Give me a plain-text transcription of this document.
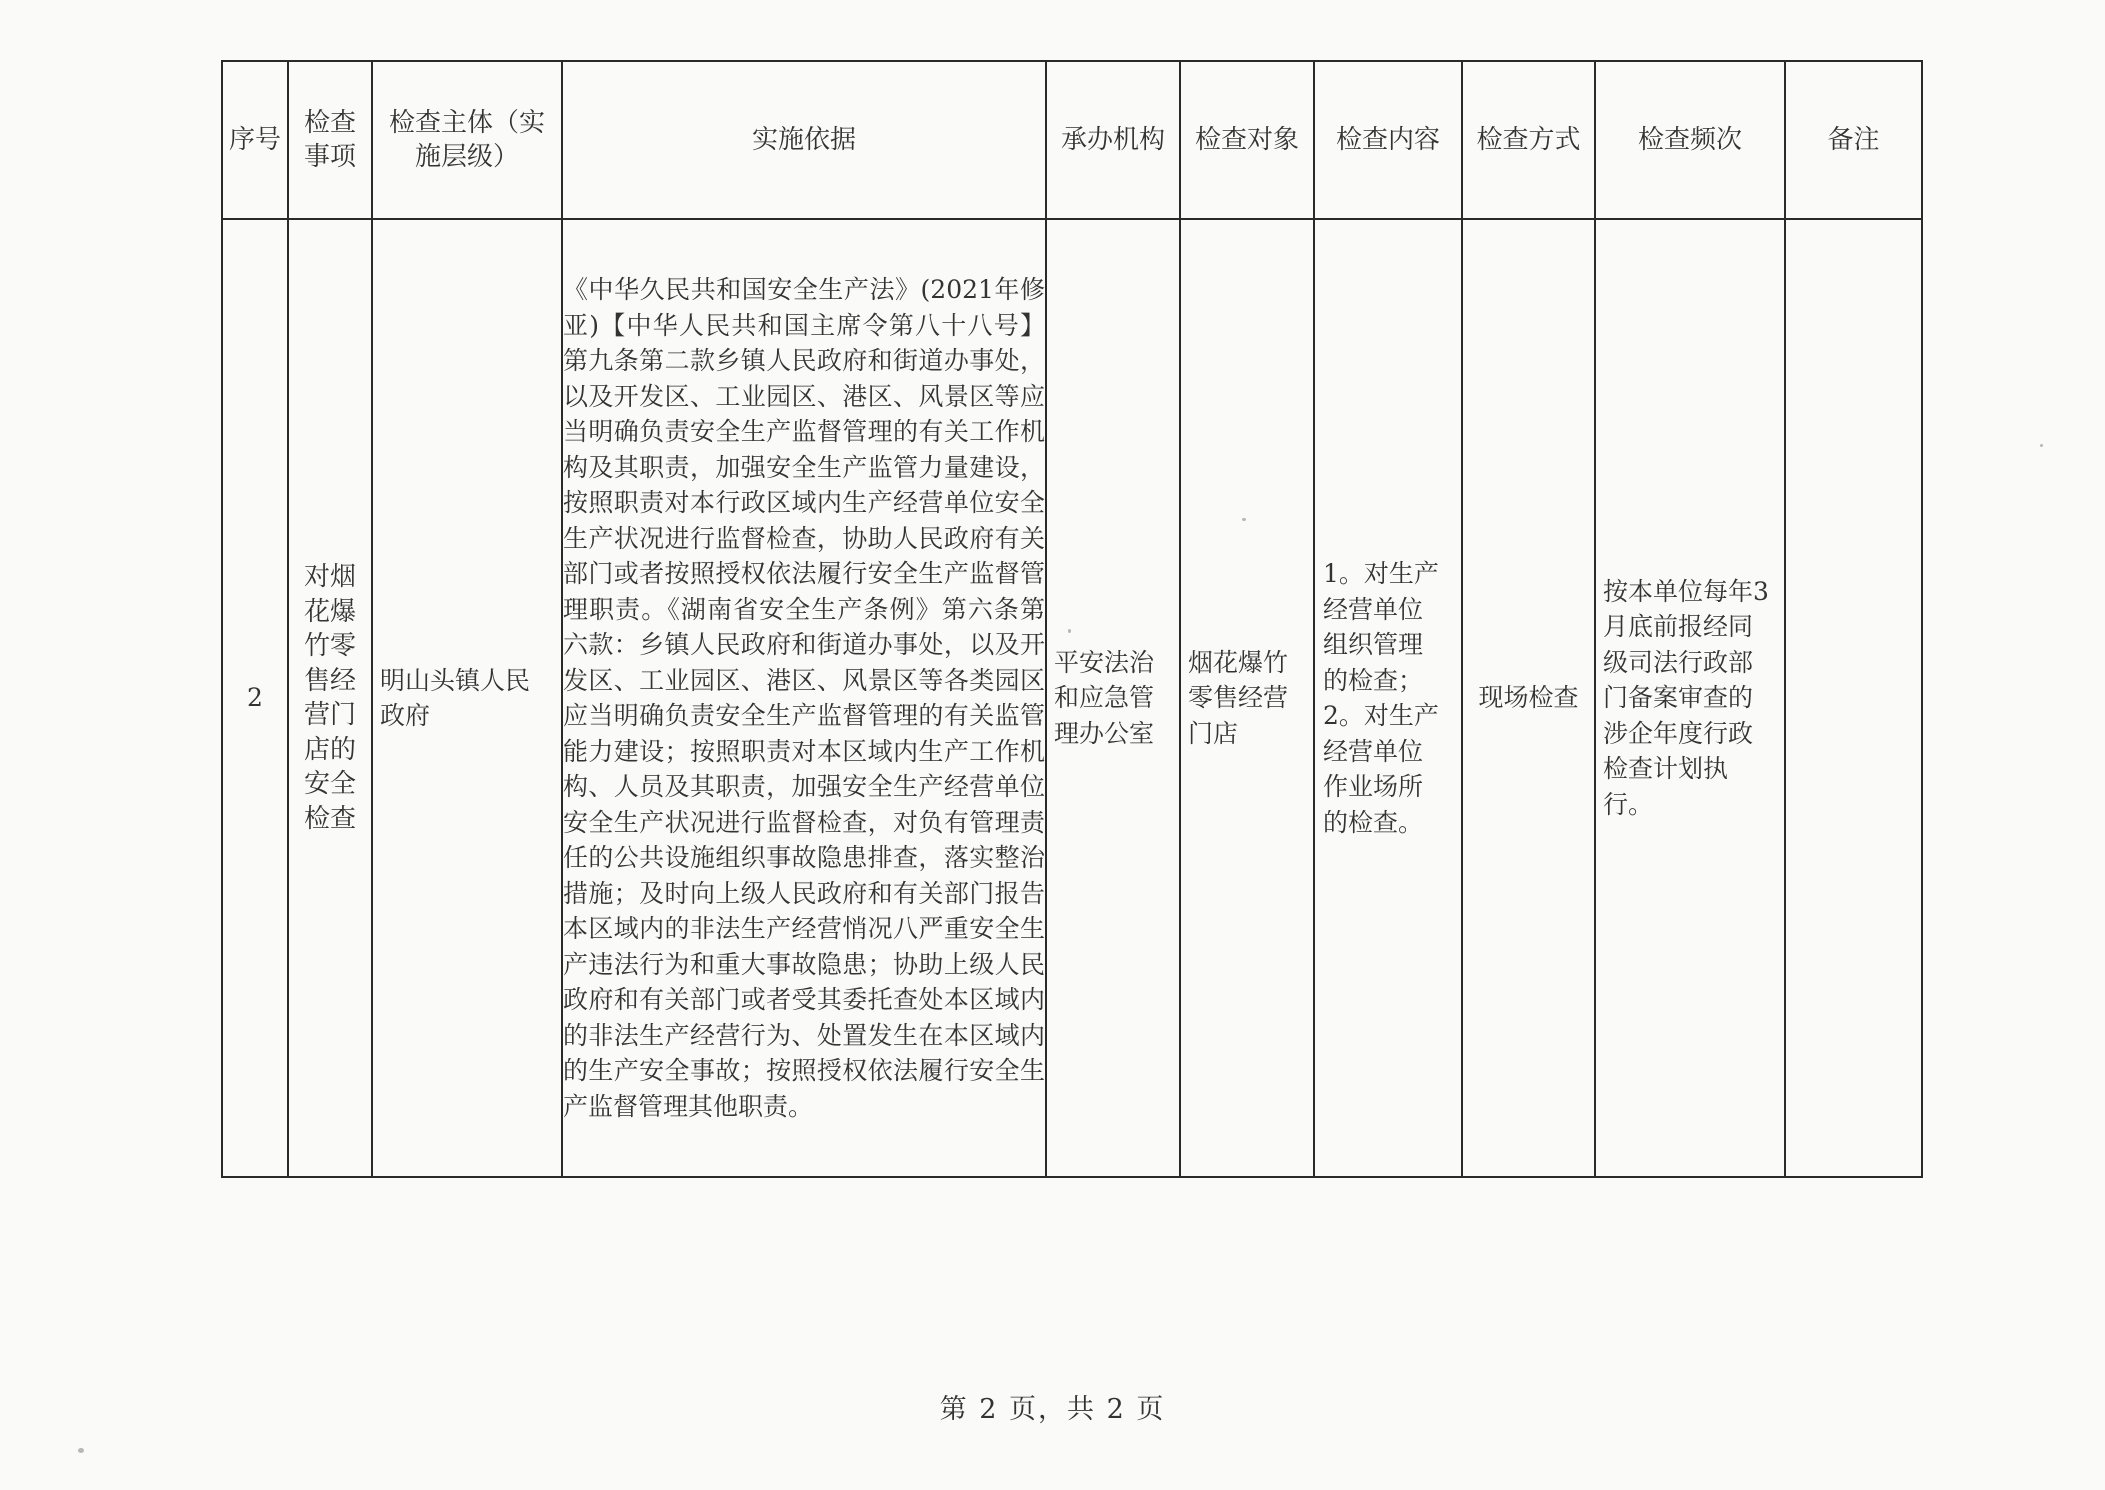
序号	检查事项	检查主体（实施层级）	实施依据	承办机构	检查对象	检查内容	检查方式	检查频次	备注
2	对烟花爆竹零售经营门店的安全检查	明山头镇人民政府	《中华久民共和国安全生产法》(2021年修亚)【中华人民共和国主席令第八十八号】第九条第二款乡镇人民政府和街道办事处，以及开发区、工业园区、港区、风景区等应当明确负责安全生产监督管理的有关工作机构及其职责，加强安全生产监管力量建设，按照职责对本行政区域内生产经营单位安全生产状况进行监督检查，协助人民政府有关部门或者按照授权依法履行安全生产监督管理职责。《湖南省安全生产条例》第六条第六款：乡镇人民政府和街道办事处，以及开发区、工业园区、港区、风景区等各类园区应当明确负责安全生产监督管理的有关监管能力建设；按照职责对本区域内生产工作机构、人员及其职责，加强安全生产经营单位安全生产状况进行监督检查，对负有管理责任的公共设施组织事故隐患排查，落实整治措施；及时向上级人民政府和有关部门报告本区域内的非法生产经营悄况八严重安全生产违法行为和重大事故隐患；协助上级人民政府和有关部门或者受其委托查处本区域内的非法生产经营行为、处置发生在本区域内的生产安全事故；按照授权依法履行安全生产监督管理其他职责。	平安法治和应急管理办公室	烟花爆竹零售经营门店	1。对生产经营单位组织管理的检查；2。对生产经营单位作业场所的检查。	现场检查	按本单位每年3月底前报经同级司法行政部门备案审查的涉企年度行政检查计划执行。	

第 2 页，共 2 页
